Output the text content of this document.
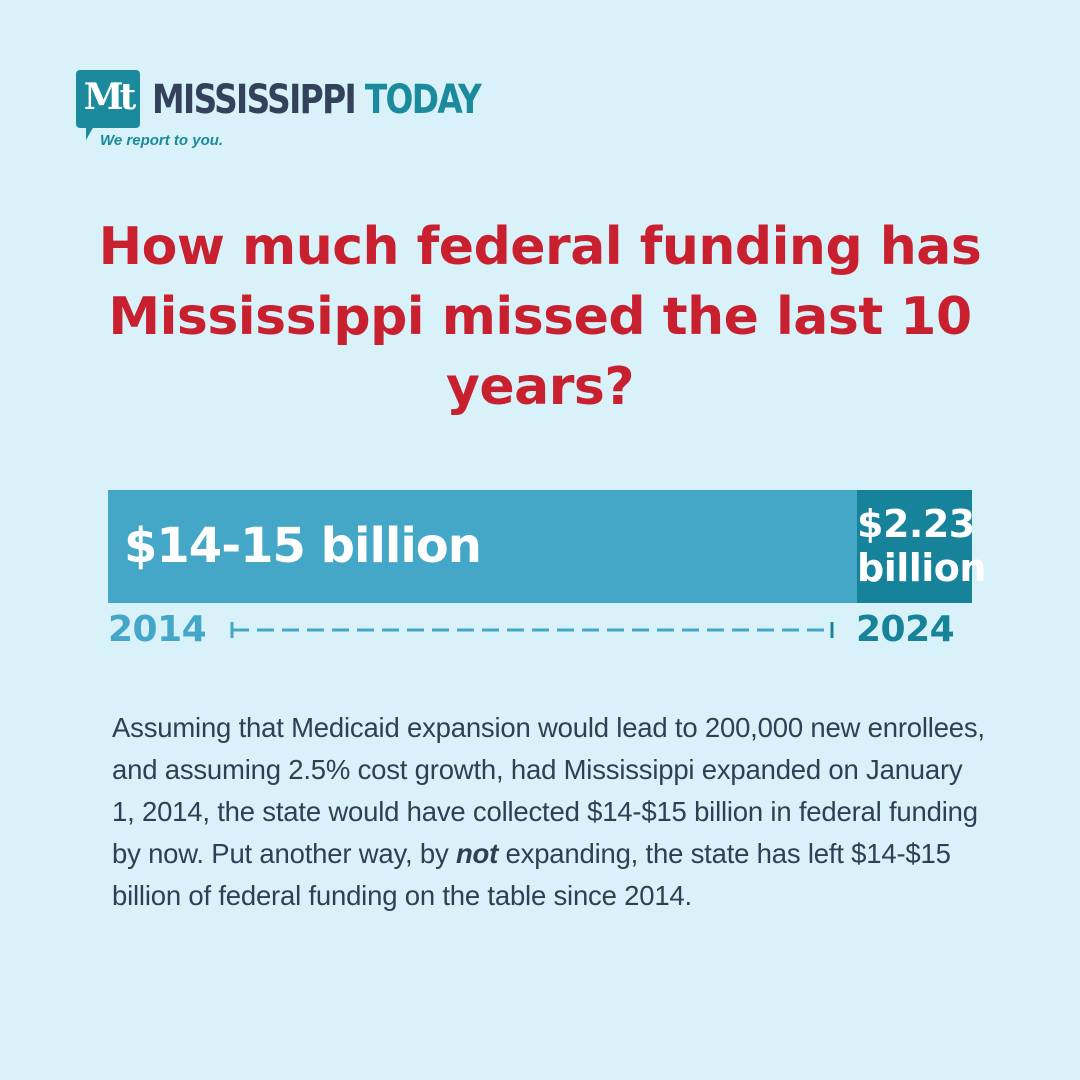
Mt MISSISSIPPI TODAY
We report to you.
How much federal funding has Mississippi missed the last 10 years?
$14-15 billion	$2.23
billion
2014	2024

Assuming that Medicaid expansion would lead to 200,000 new enrollees, and assuming 2.5% cost growth, had Mississippi expanded on January 1, 2014, the state would have collected $14-$15 billion in federal funding by now. Put another way, by not expanding, the state has left $14-$15 billion of federal funding on the table since 2014.
